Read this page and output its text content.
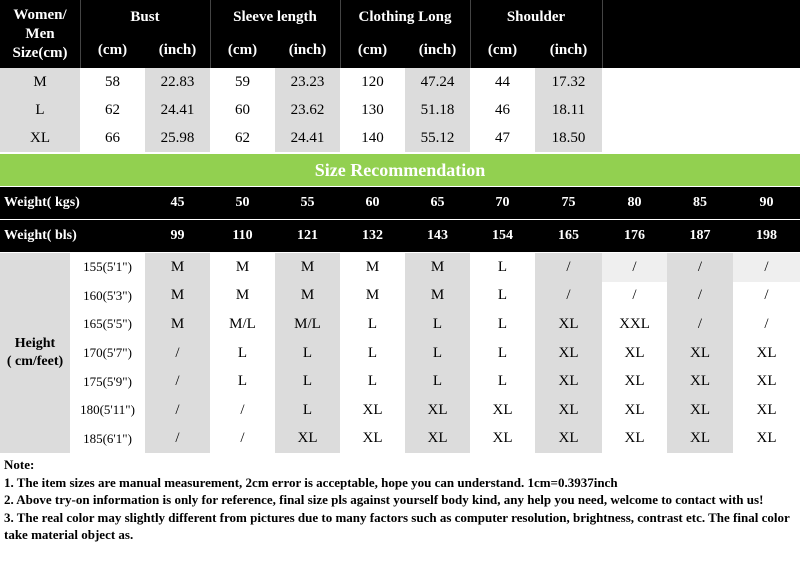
Women/
Men
Size(cm)
Bust	Sleeve length	Clothing Long	Shoulder
(cm)	(inch)	(cm)	(inch)	(cm)	(inch)	(cm)	(inch)
M	58	22.83	59	23.23	120	47.24	44	17.32
L	62	24.41	60	23.62	130	51.18	46	18.11
XL	66	25.98	62	24.41	140	55.12	47	18.50
Size Recommendation
Weight( kgs)	45	50	55	60	65	70	75	80	85	90
Weight( bls)	99	110	121	132	143	154	165	176	187	198
Height
( cm/feet)
155(5'1")	M	M	M	M	M	L	/	/	/	/
160(5'3")	M	M	M	M	M	L	/	/	/	/
165(5'5")	M	M/L	M/L	L	L	L	XL	XXL	/	/
170(5'7")	/	L	L	L	L	L	XL	XL	XL	XL
175(5'9")	/	L	L	L	L	L	XL	XL	XL	XL
180(5'11")	/	/	L	XL	XL	XL	XL	XL	XL	XL
185(6'1")	/	/	XL	XL	XL	XL	XL	XL	XL	XL
Note:
1. The item sizes are manual measurement, 2cm error is acceptable, hope you can understand. 1cm=0.3937inch
2. Above try-on information is only for reference, final size pls against yourself body kind, any help you need, welcome to contact with us!
3. The real color may slightly different from pictures due to many factors such as computer resolution, brightness, contrast etc. The final color take material object as.
